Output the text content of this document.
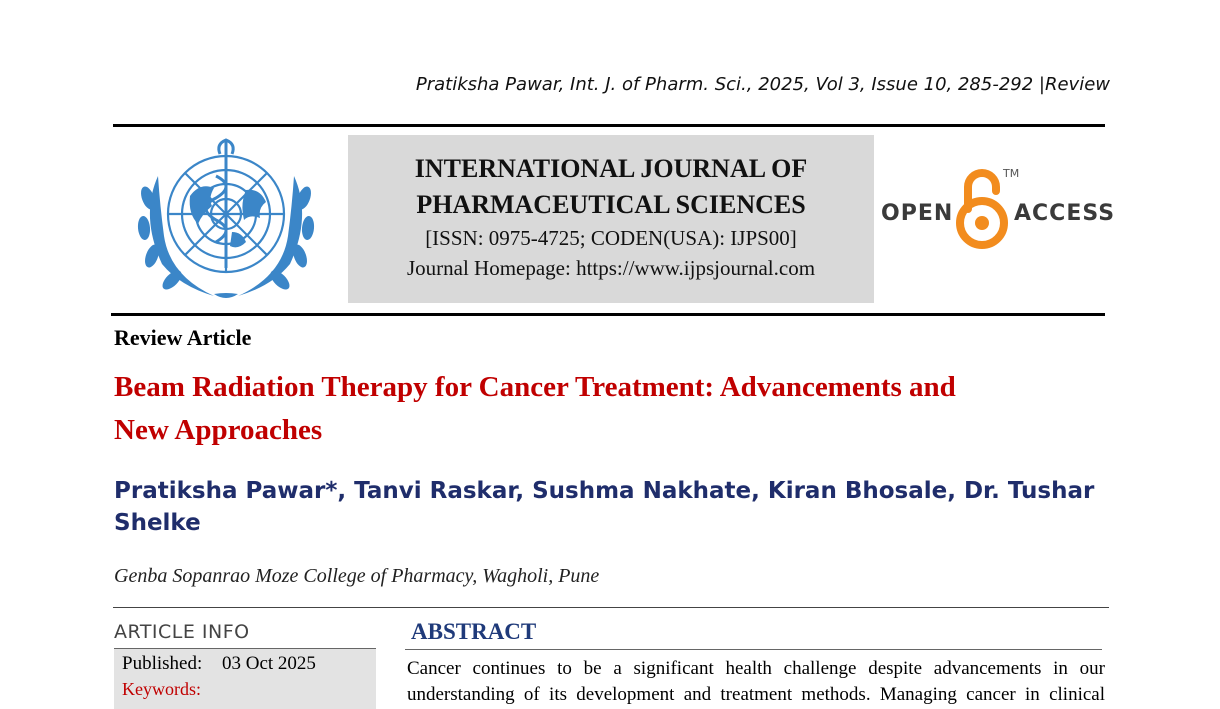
Pratiksha Pawar, Int. J. of Pharm. Sci., 2025, Vol 3, Issue 10, 285-292 |Review
INTERNATIONAL JOURNAL OF
PHARMACEUTICAL SCIENCES
[ISSN: 0975-4725; CODEN(USA): IJPS00]
Journal Homepage: https://www.ijpsjournal.com
OPEN
TM
ACCESS
Review Article
Beam Radiation Therapy for Cancer Treatment: Advancements and
New Approaches
Pratiksha Pawar*, Tanvi Raskar, Sushma Nakhate, Kiran Bhosale, Dr. Tushar
Shelke
Genba Sopanrao Moze College of Pharmacy, Wagholi, Pune
ARTICLE INFO
Published: 03 Oct 2025
Keywords:
ABSTRACT
Cancer continues to be a significant health challenge despite advancements in our
understanding of its development and treatment methods. Managing cancer in clinical
